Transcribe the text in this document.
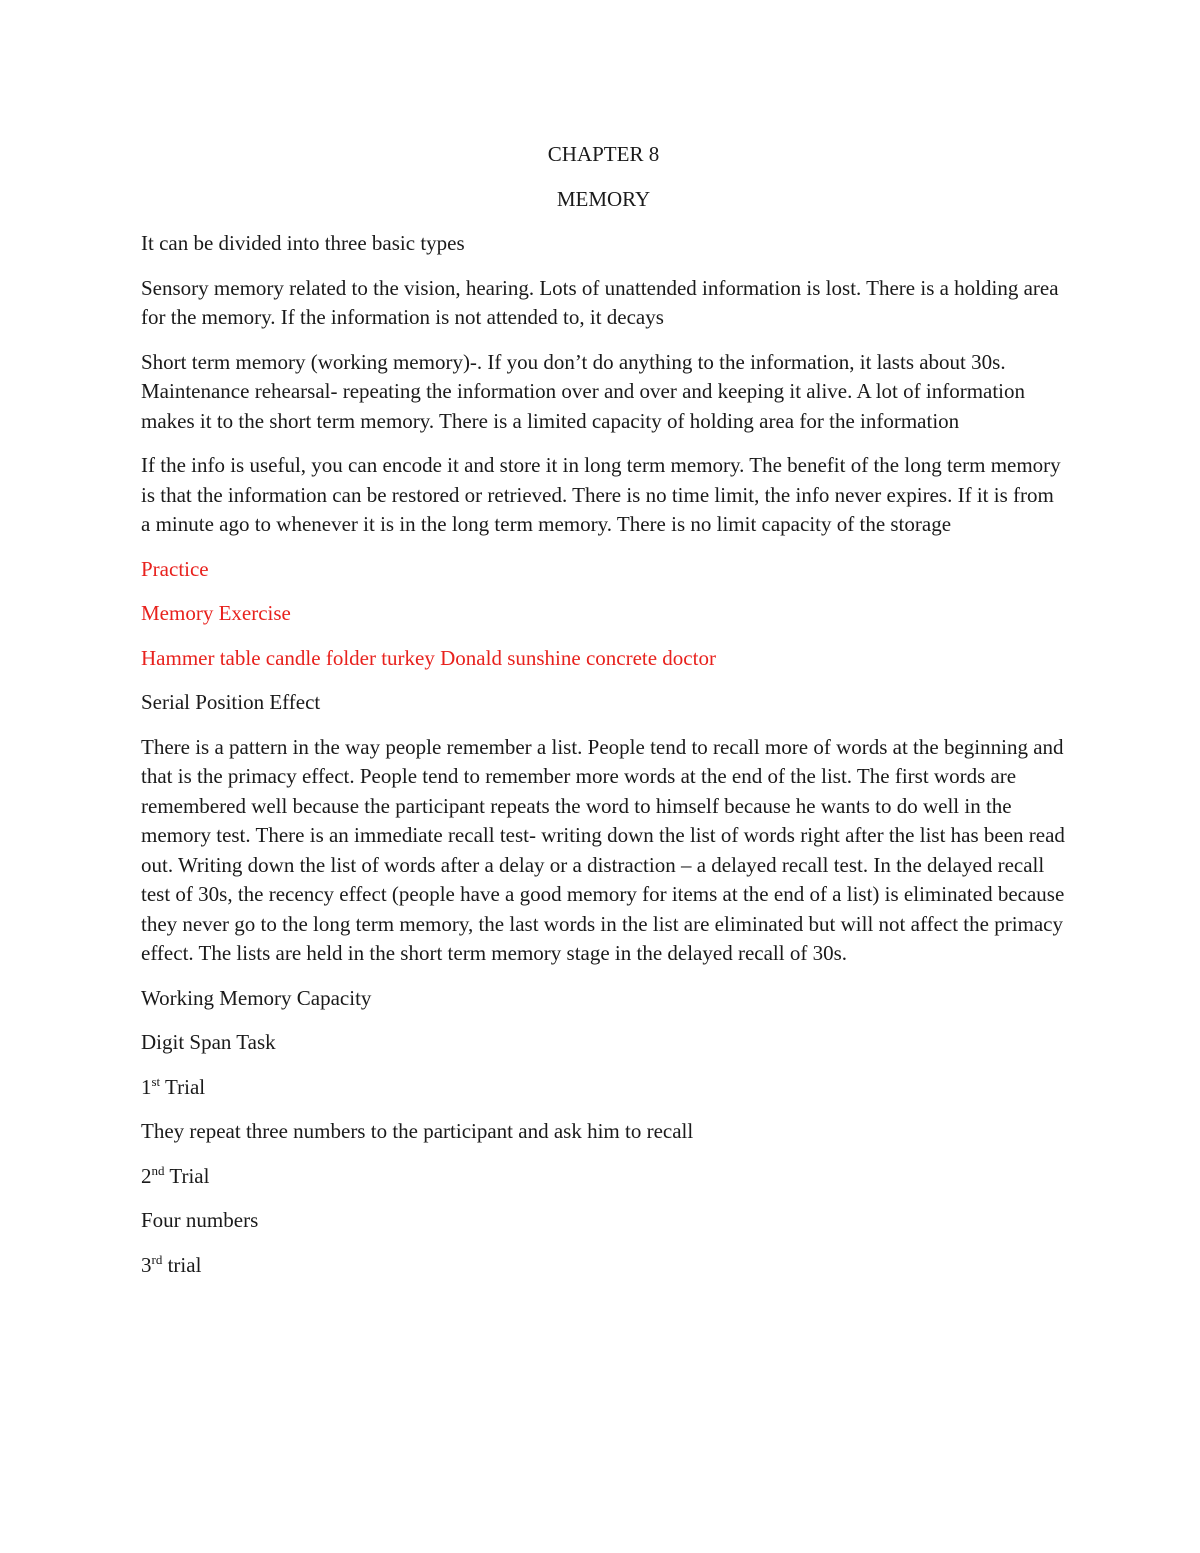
CHAPTER 8

MEMORY

It can be divided into three basic types

Sensory memory related to the vision, hearing. Lots of unattended information is lost. There is a holding area for the memory. If the information is not attended to, it decays

Short term memory (working memory)-. If you don’t do anything to the information, it lasts about 30s. Maintenance rehearsal- repeating the information over and over and keeping it alive. A lot of information makes it to the short term memory. There is a limited capacity of holding area for the information

If the info is useful, you can encode it and store it in long term memory. The benefit of the long term memory is that the information can be restored or retrieved. There is no time limit, the info never expires. If it is from a minute ago to whenever it is in the long term memory. There is no limit capacity of the storage

Practice

Memory Exercise

Hammer table candle folder turkey Donald sunshine concrete doctor

Serial Position Effect

There is a pattern in the way people remember a list. People tend to recall more of words at the beginning and that is the primacy effect. People tend to remember more words at the end of the list. The first words are remembered well because the participant repeats the word to himself because he wants to do well in the memory test. There is an immediate recall test- writing down the list of words right after the list has been read out. Writing down the list of words after a delay or a distraction – a delayed recall test. In the delayed recall test of 30s, the recency effect (people have a good memory for items at the end of a list) is eliminated because they never go to the long term memory, the last words in the list are eliminated but will not affect the primacy effect. The lists are held in the short term memory stage in the delayed recall of 30s.

Working Memory Capacity

Digit Span Task

1st Trial

They repeat three numbers to the participant and ask him to recall

2nd Trial

Four numbers

3rd trial
